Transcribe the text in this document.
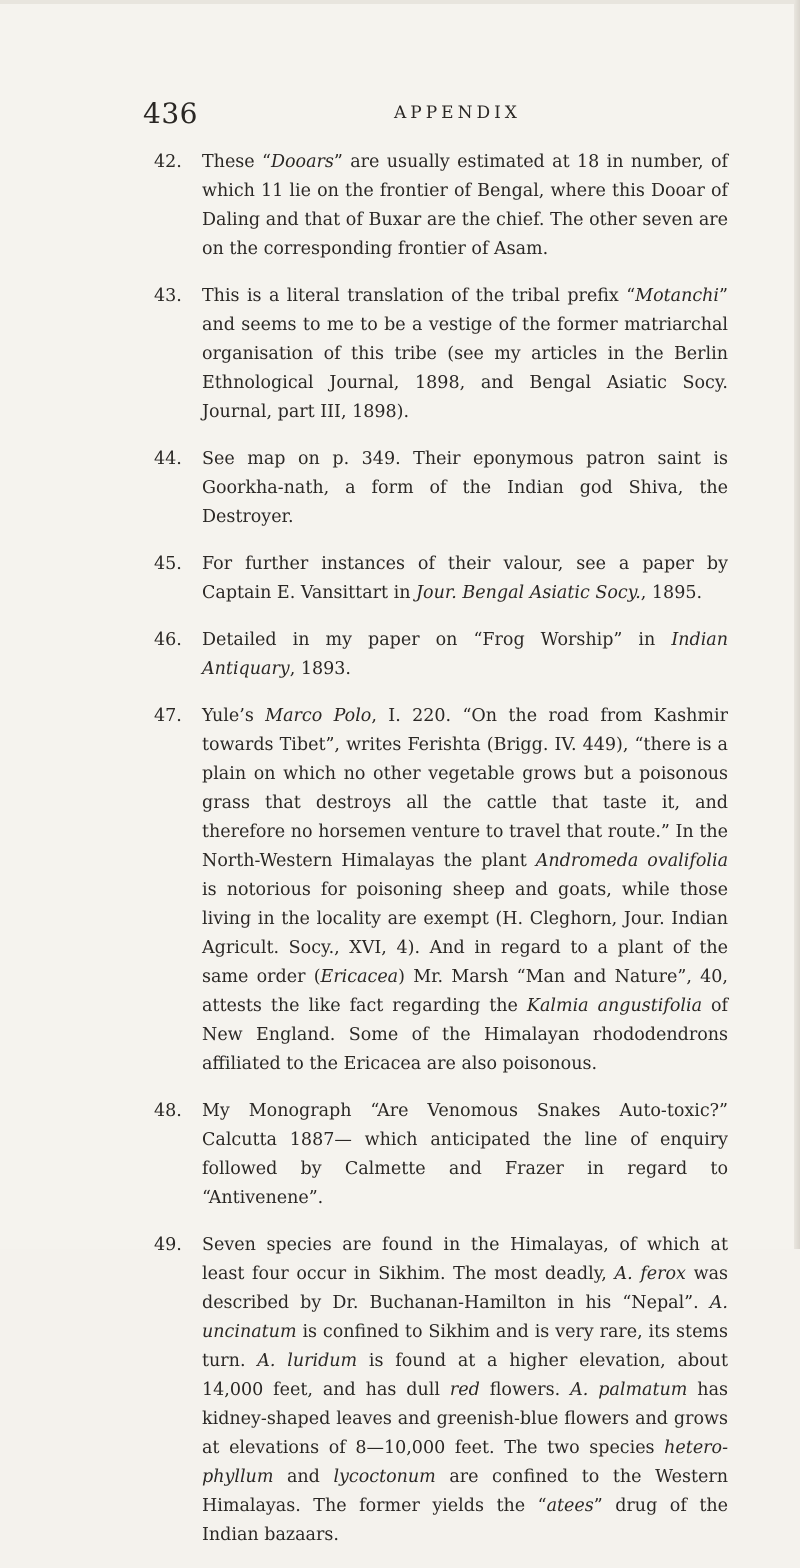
436	APPENDIX

42. These “Dooars” are usually estimated at 18 in number, of which 11 lie on the frontier of Bengal, where this Dooar of Daling and that of Buxar are the chief. The other seven are on the corresponding frontier of Asam.

43. This is a literal translation of the tribal prefix “Motanchi” and seems to me to be a vestige of the former matriarchal organisation of this tribe (see my articles in the Berlin Ethnological Journal, 1898, and Bengal Asiatic Socy. Journal, part III, 1898).

44. See map on p. 349. Their eponymous patron saint is Goorkha-nath, a form of the Indian god Shiva, the Destroyer.

45. For further instances of their valour, see a paper by Captain E. Vansittart in Jour. Bengal Asiatic Socy., 1895.

46. Detailed in my paper on “Frog Worship” in Indian Antiquary, 1893.

47. Yule’s Marco Polo, I. 220. “On the road from Kashmir towards Tibet”, writes Ferishta (Brigg. IV. 449), “there is a plain on which no other vegetable grows but a poisonous grass that destroys all the cattle that taste it, and therefore no horsemen venture to travel that route.” In the North-Western Himalayas the plant Andromeda ovalifolia is notorious for poisoning sheep and goats, while those living in the locality are exempt (H. Cleghorn, Jour. Indian Agricult. Socy., XVI, 4). And in regard to a plant of the same order (Ericacea) Mr. Marsh “Man and Nature”, 40, attests the like fact regarding the Kalmia angustifolia of New England. Some of the Himalayan rhododendrons affiliated to the Ericacea are also poisonous.

48. My Monograph “Are Venomous Snakes Auto-toxic?” Calcutta 1887— which anticipated the line of enquiry followed by Calmette and Frazer in regard to “Antivenene”.

49. Seven species are found in the Himalayas, of which at least four occur in Sikhim. The most deadly, A. ferox was described by Dr. Buchanan-Hamilton in his “Nepal”. A. uncinatum is confined to Sikhim and is very rare, its stems turn. A. luridum is found at a higher elevation, about 14,000 feet, and has dull red flowers. A. palmatum has kidney-shaped leaves and greenish-blue flowers and grows at elevations of 8—10,000 feet. The two species hetero-phyllum and lycoctonum are confined to the Western Himalayas. The former yields the “atees” drug of the Indian bazaars.
